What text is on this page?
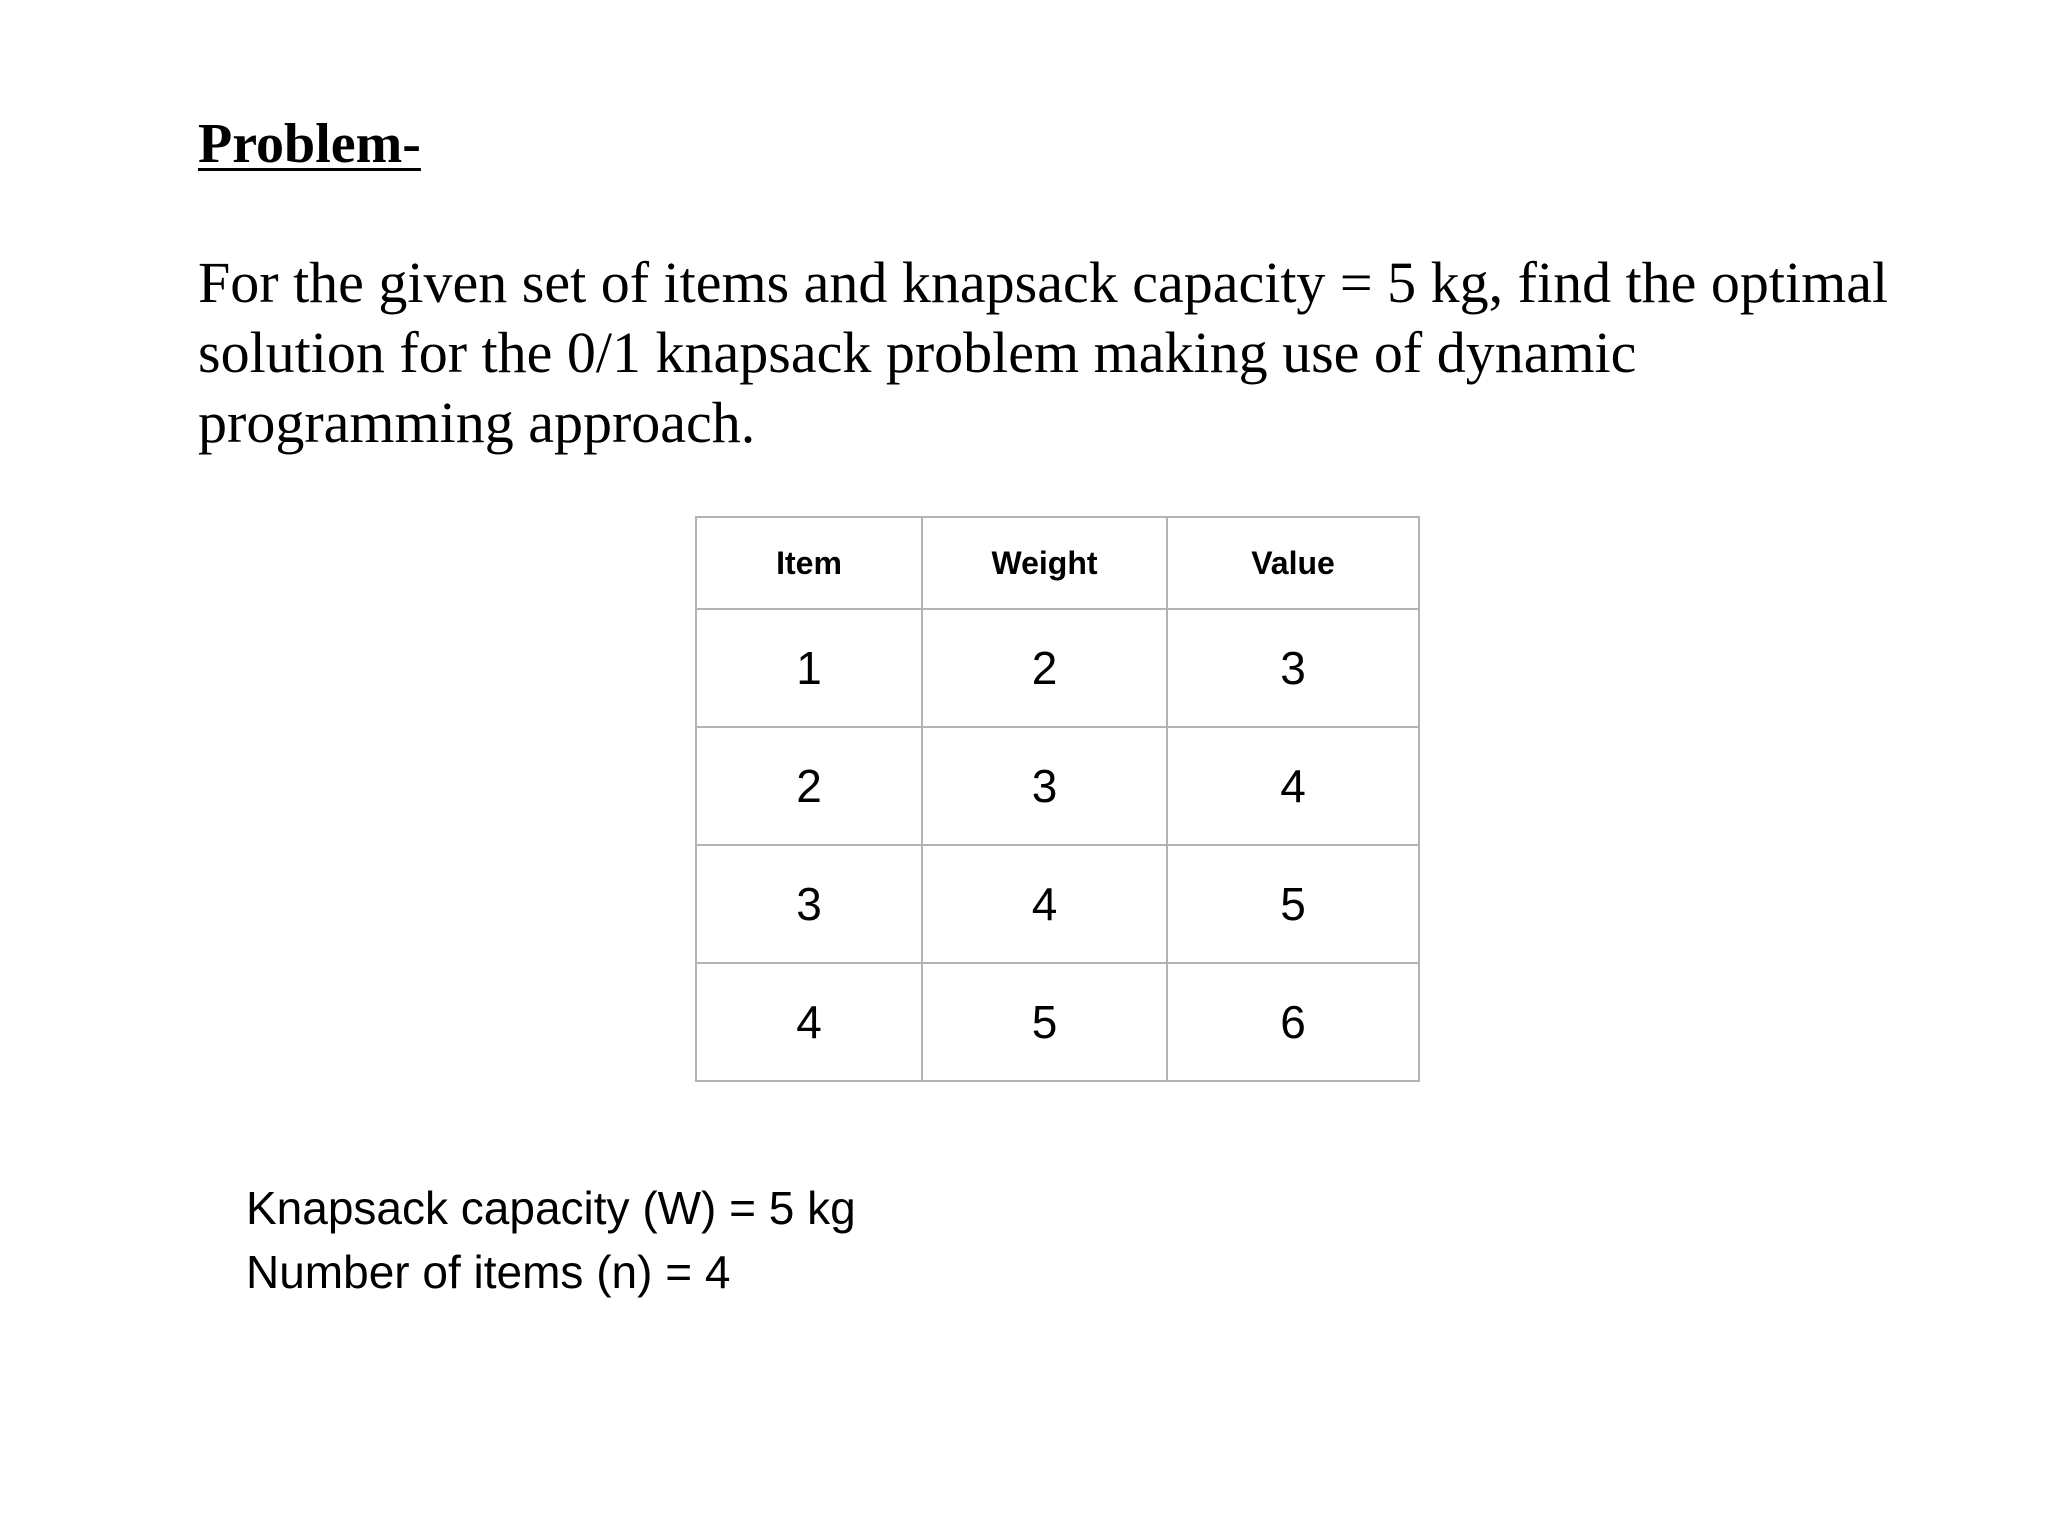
Problem-

For the given set of items and knapsack capacity = 5 kg, find the optimal solution for the 0/1 knapsack problem making use of dynamic programming approach.

Item	Weight	Value
1	2	3
2	3	4
3	4	5
4	5	6
Knapsack capacity (W) = 5 kg
Number of items (n) = 4
